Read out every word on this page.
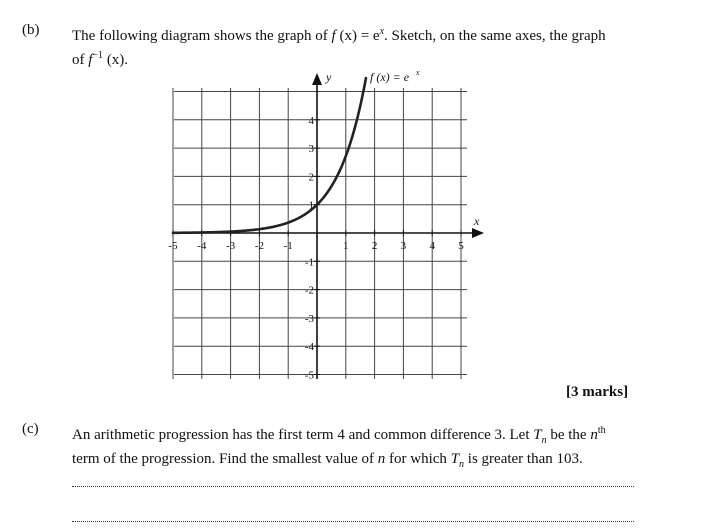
(b) The following diagram shows the graph of f $(x) = e^x$. Sketch, on the same axes, the graph
of $f^{-1}$ (x).
-5 -4 -3 -2 -1	1 2 3 4 5
4
3
2
1
-1
-2
-3
-4
-5
x
y	f (x) = e x
[3 marks]
(c) An arithmetic progression has the first term 4 and common difference 3. Let $T_n$ be the $n^{th}$
term of the progression. Find the smallest value of n for which $T_n$ is greater than 103.
